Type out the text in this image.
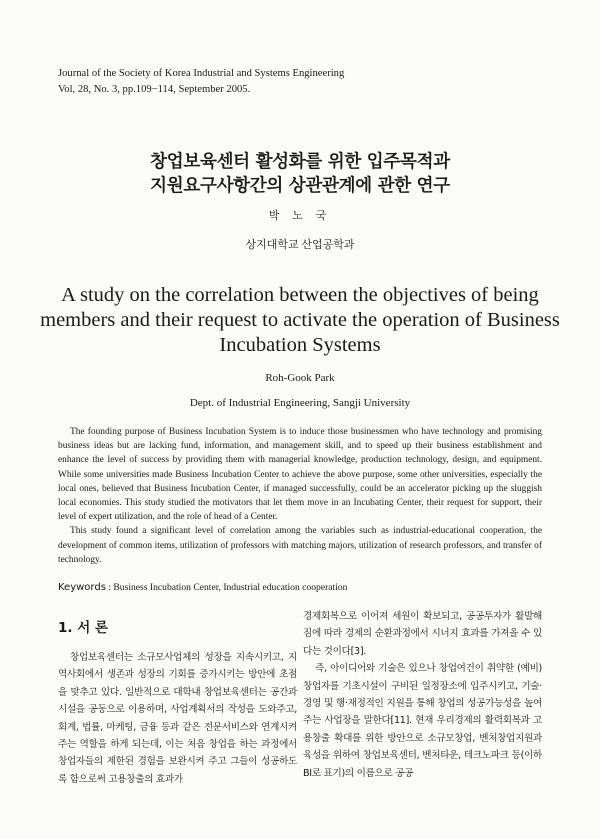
Journal of the Society of Korea Industrial and Systems Engineering
Vol, 28, No. 3, pp.109−114, September 2005.
창업보육센터 활성화를 위한 입주목적과
지원요구사항간의 상관관계에 관한 연구
박 노 국
상지대학교 산업공학과
A study on the correlation between the objectives of being members and their request to activate the operation of Business Incubation Systems
Roh-Gook Park
Dept. of Industrial Engineering, Sangji University

The founding purpose of Business Incubation System is to induce those businessmen who have technology and promising business ideas but are lacking fund, information, and management skill, and to speed up their business establishment and enhance the level of success by providing them with managerial knowledge, production technology, design, and equipment. While some universities made Business Incubation Center to achieve the above purpose, some other universities, especially the local ones, believed that Business Incubation Center, if managed successfully, could be an accelerator picking up the sluggish local economies. This study studied the motivators that let them move in an Incubating Center, their request for support, their level of expert utilization, and the role of head of a Center.

This study found a significant level of correlation among the variables such as industrial-educational cooperation, the development of common items, utilization of professors with matching majors, utilization of research professors, and transfer of technology.

Keywords : Business Incubation Center, Industrial education cooperation
1. 서 론

창업보육센터는 소규모사업체의 성장을 지속시키고, 지역사회에서 생존과 성장의 기회를 증가시키는 방안에 초점을 맞추고 있다. 일반적으로 대학내 창업보육센터는 공간과 시설을 공동으로 이용하며, 사업계획서의 작성을 도와주고, 회계, 법률, 마케팅, 금융 등과 같은 전문서비스와 연계시켜주는 역할을 하게 되는데, 이는 처음 창업을 하는 과정에서 창업자들의 제한된 경험을 보완시켜 주고 그들이 성공하도록 함으로써 고용창출의 효과가

경제회복으로 이어져 세원이 확보되고, 공공투자가 활발해짐에 따라 경제의 순환과정에서 시너지 효과를 가져올 수 있다는 것이다[3].

즉, 아이디어와 기술은 있으나 창업여건이 취약한 (예비)창업자를 기초시설이 구비된 일정장소에 입주시키고, 기술·경영 및 행·재정적인 지원을 통해 창업의 성공가능성을 높여주는 사업장을 말한다[11]. 현재 우리경제의 활력회복과 고용창출 확대를 위한 방안으로 소규모창업, 벤처창업지원과 육성을 위하여 창업보육센터, 벤처타운, 테크노파크 등(이하 BI로 표기)의 이름으로 공공
